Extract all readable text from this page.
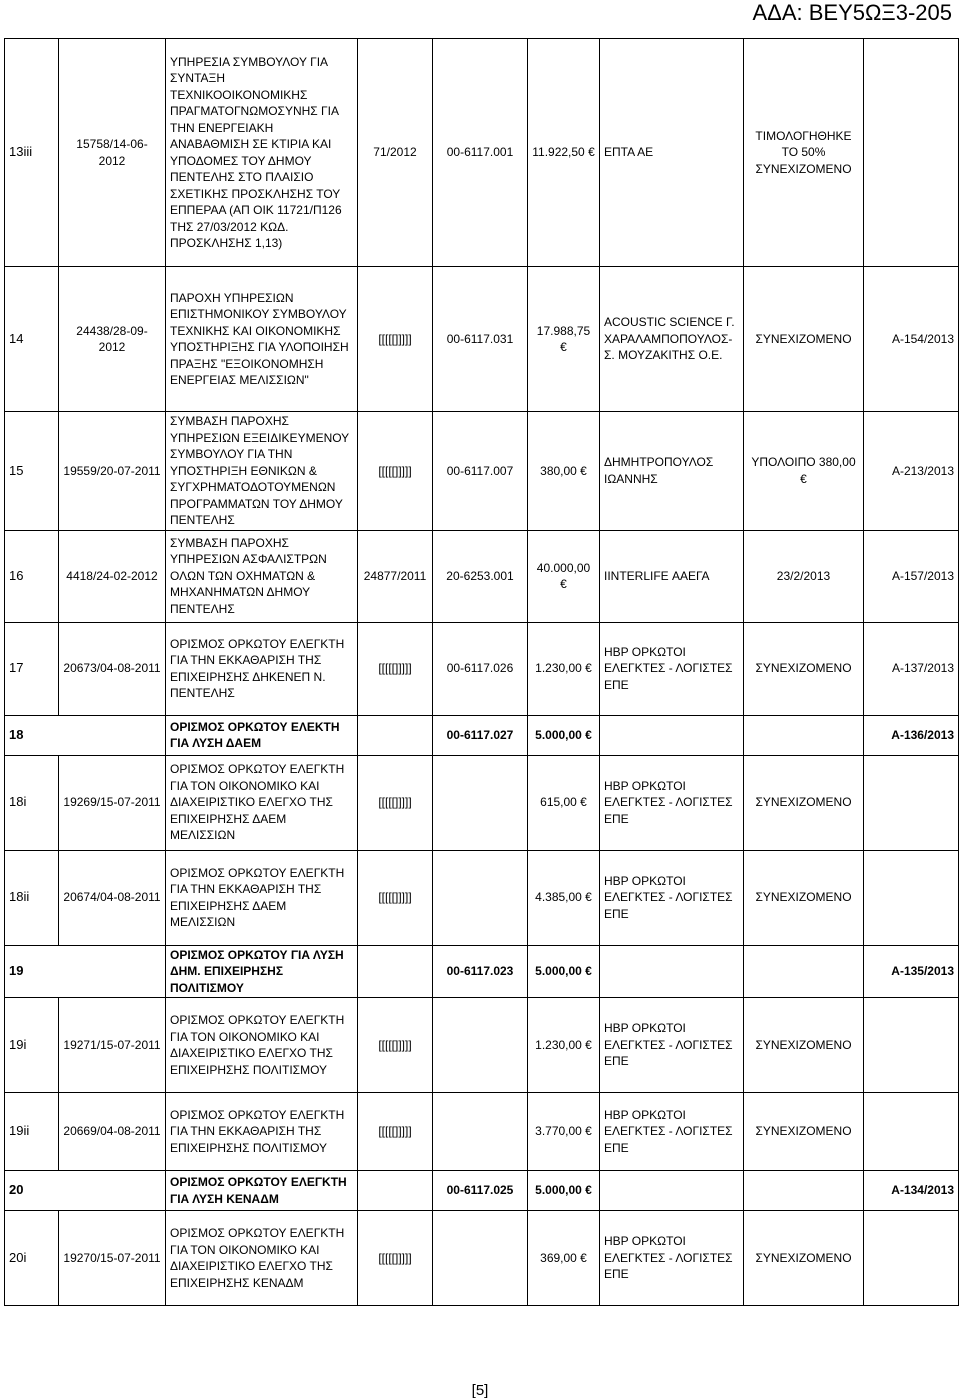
ΑΔΑ: ΒΕΥ5ΩΞ3-205
13iii	15758/14-06-2012	ΥΠΗΡΕΣΙΑ ΣΥΜΒΟΥΛΟΥ ΓΙΑ ΣΥΝΤΑΞΗ ΤΕΧΝΙΚΟΟΙΚΟΝΟΜΙΚΗΣ ΠΡΑΓΜΑΤΟΓΝΩΜΟΣΥΝΗΣ ΓΙΑ ΤΗΝ ΕΝΕΡΓΕΙΑΚΗ ΑΝΑΒΑΘΜΙΣΗ ΣΕ ΚΤΙΡΙΑ ΚΑΙ ΥΠΟΔΟΜΕΣ ΤΟΥ ΔΗΜΟΥ ΠΕΝΤΕΛΗΣ ΣΤΟ ΠΛΑΙΣΙΟ ΣΧΕΤΙΚΗΣ ΠΡΟΣΚΛΗΣΗΣ ΤΟΥ ΕΠΠΕΡΑΑ (ΑΠ ΟΙΚ 11721/Π126 ΤΗΣ 27/03/2012 ΚΩΔ. ΠΡΟΣΚΛΗΣΗΣ 1,13)	71/2012	00-6117.001	11.922,50 €	ΕΠΤΑ ΑΕ	ΤΙΜΟΛΟΓΗΘΗΚΕ ΤΟ 50% ΣΥΝΕΧΙΖΟΜΕΝΟ	
14	24438/28-09-2012	ΠΑΡΟΧΗ ΥΠΗΡΕΣΙΩΝ ΕΠΙΣΤΗΜΟΝΙΚΟΥ ΣΥΜΒΟΥΛΟΥ ΤΕΧΝΙΚΗΣ ΚΑΙ ΟΙΚΟΝΟΜΙΚΗΣ ΥΠΟΣΤΗΡΙΞΗΣ ΓΙΑ ΥΛΟΠΟΙΗΣΗ ΠΡΑΞΗΣ "ΕΞΟΙΚΟΝΟΜΗΣΗ ΕΝΕΡΓΕΙΑΣ ΜΕΛΙΣΣΙΩΝ"	[[[[[]]]]]	00-6117.031	17.988,75 €	ACOUSTIC SCIENCE Γ. ΧΑΡΑΛΑΜΠΟΠΟΥΛΟΣ- Σ. ΜΟΥΖΑΚΙΤΗΣ Ο.Ε.	ΣΥΝΕΧΙΖΟΜΕΝΟ	Α-154/2013
15	19559/20-07-2011	ΣΥΜΒΑΣΗ ΠΑΡΟΧΗΣ ΥΠΗΡΕΣΙΩΝ ΕΞΕΙΔΙΚΕΥΜΕΝΟΥ ΣΥΜΒΟΥΛΟΥ ΓΙΑ ΤΗΝ ΥΠΟΣΤΗΡΙΞΗ ΕΘΝΙΚΩΝ & ΣΥΓΧΡΗΜΑΤΟΔΟΤΟΥΜΕΝΩΝ ΠΡΟΓΡΑΜΜΑΤΩΝ ΤΟΥ ΔΗΜΟΥ ΠΕΝΤΕΛΗΣ	[[[[[]]]]]	00-6117.007	380,00 €	ΔΗΜΗΤΡΟΠΟΥΛΟΣ ΙΩΑΝΝΗΣ	ΥΠΟΛΟΙΠΟ 380,00 €	Α-213/2013
16	4418/24-02-2012	ΣΥΜΒΑΣΗ ΠΑΡΟΧΗΣ ΥΠΗΡΕΣΙΩΝ ΑΣΦΑΛΙΣΤΡΩΝ ΟΛΩΝ ΤΩΝ ΟΧΗΜΑΤΩΝ & ΜΗΧΑΝΗΜΑΤΩΝ ΔΗΜΟΥ ΠΕΝΤΕΛΗΣ	24877/2011	20-6253.001	40.000,00 €	IINTERLIFE ΑΑΕΓΑ	23/2/2013	Α-157/2013
17	20673/04-08-2011	ΟΡΙΣΜΟΣ ΟΡΚΩΤΟΥ ΕΛΕΓΚΤΗ ΓΙΑ ΤΗΝ ΕΚΚΑΘΑΡΙΣΗ ΤΗΣ ΕΠΙΧΕΙΡΗΣΗΣ ΔΗΚΕΝΕΠ Ν. ΠΕΝΤΕΛΗΣ	[[[[[]]]]]	00-6117.026	1.230,00 €	HBP ΟΡΚΩΤΟΙ ΕΛΕΓΚΤΕΣ - ΛΟΓΙΣΤΕΣ ΕΠΕ	ΣΥΝΕΧΙΖΟΜΕΝΟ	Α-137/2013
18		ΟΡΙΣΜΟΣ ΟΡΚΩΤΟΥ ΕΛΕΚΤΗ ΓΙΑ ΛΥΣΗ ΔΑΕΜ		00-6117.027	5.000,00 €			Α-136/2013
18i	19269/15-07-2011	ΟΡΙΣΜΟΣ ΟΡΚΩΤΟΥ ΕΛΕΓΚΤΗ ΓΙΑ ΤΟΝ ΟΙΚΟΝΟΜΙΚΟ ΚΑΙ ΔΙΑΧΕΙΡΙΣΤΙΚΟ ΕΛΕΓΧΟ ΤΗΣ ΕΠΙΧΕΙΡΗΣΗΣ ΔΑΕΜ ΜΕΛΙΣΣΙΩΝ	[[[[[]]]]]		615,00 €	HBP ΟΡΚΩΤΟΙ ΕΛΕΓΚΤΕΣ - ΛΟΓΙΣΤΕΣ ΕΠΕ	ΣΥΝΕΧΙΖΟΜΕΝΟ	
18ii	20674/04-08-2011	ΟΡΙΣΜΟΣ ΟΡΚΩΤΟΥ ΕΛΕΓΚΤΗ ΓΙΑ ΤΗΝ ΕΚΚΑΘΑΡΙΣΗ ΤΗΣ ΕΠΙΧΕΙΡΗΣΗΣ ΔΑΕΜ ΜΕΛΙΣΣΙΩΝ	[[[[[]]]]]		4.385,00 €	HBP ΟΡΚΩΤΟΙ ΕΛΕΓΚΤΕΣ - ΛΟΓΙΣΤΕΣ ΕΠΕ	ΣΥΝΕΧΙΖΟΜΕΝΟ	
19		ΟΡΙΣΜΟΣ ΟΡΚΩΤΟΥ ΓΙΑ ΛΥΣΗ ΔΗΜ. ΕΠΙΧΕΙΡΗΣΗΣ ΠΟΛΙΤΙΣΜΟΥ		00-6117.023	5.000,00 €			Α-135/2013
19i	19271/15-07-2011	ΟΡΙΣΜΟΣ ΟΡΚΩΤΟΥ ΕΛΕΓΚΤΗ ΓΙΑ ΤΟΝ ΟΙΚΟΝΟΜΙΚΟ ΚΑΙ ΔΙΑΧΕΙΡΙΣΤΙΚΟ ΕΛΕΓΧΟ ΤΗΣ ΕΠΙΧΕΙΡΗΣΗΣ ΠΟΛΙΤΙΣΜΟΥ	[[[[[]]]]]		1.230,00 €	HBP ΟΡΚΩΤΟΙ ΕΛΕΓΚΤΕΣ - ΛΟΓΙΣΤΕΣ ΕΠΕ	ΣΥΝΕΧΙΖΟΜΕΝΟ	
19ii	20669/04-08-2011	ΟΡΙΣΜΟΣ ΟΡΚΩΤΟΥ ΕΛΕΓΚΤΗ ΓΙΑ ΤΗΝ ΕΚΚΑΘΑΡΙΣΗ ΤΗΣ ΕΠΙΧΕΙΡΗΣΗΣ ΠΟΛΙΤΙΣΜΟΥ	[[[[[]]]]]		3.770,00 €	HBP ΟΡΚΩΤΟΙ ΕΛΕΓΚΤΕΣ - ΛΟΓΙΣΤΕΣ ΕΠΕ	ΣΥΝΕΧΙΖΟΜΕΝΟ	
20		ΟΡΙΣΜΟΣ ΟΡΚΩΤΟΥ ΕΛΕΓΚΤΗ ΓΙΑ ΛΥΣΗ ΚΕΝΑΔΜ		00-6117.025	5.000,00 €			Α-134/2013
20i	19270/15-07-2011	ΟΡΙΣΜΟΣ ΟΡΚΩΤΟΥ ΕΛΕΓΚΤΗ ΓΙΑ ΤΟΝ ΟΙΚΟΝΟΜΙΚΟ ΚΑΙ ΔΙΑΧΕΙΡΙΣΤΙΚΟ ΕΛΕΓΧΟ ΤΗΣ ΕΠΙΧΕΙΡΗΣΗΣ ΚΕΝΑΔΜ	[[[[[]]]]]		369,00 €	HBP ΟΡΚΩΤΟΙ ΕΛΕΓΚΤΕΣ - ΛΟΓΙΣΤΕΣ ΕΠΕ	ΣΥΝΕΧΙΖΟΜΕΝΟ	
[5]
